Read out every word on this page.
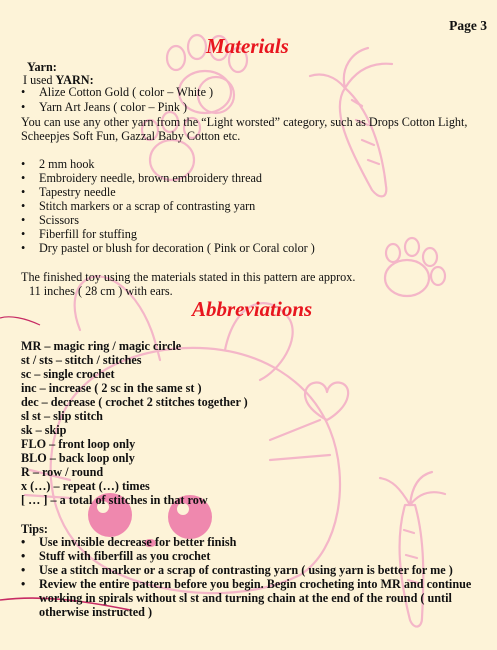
Page 3
Materials
Yarn:
I used YARN:
• Alize Cotton Gold ( color – White )
• Yarn Art Jeans ( color – Pink )
You can use any other yarn from the “Light worsted” category, such as Drops Cotton Light,
Scheepjes Soft Fun, Gazzal Baby Cotton etc.
• 2 mm hook
• Embroidery needle, brown embroidery thread
• Tapestry needle
• Stitch markers or a scrap of contrasting yarn
• Scissors
• Fiberfill for stuffing
• Dry pastel or blush for decoration ( Pink or Coral color )
The finished toy using the materials stated in this pattern are approx.
11 inches ( 28 cm ) with ears.
Abbreviations
MR – magic ring / magic circle
st / sts – stitch / stitches
sc – single crochet
inc – increase ( 2 sc in the same st )
dec – decrease ( crochet 2 stitches together )
sl st – slip stitch
sk – skip
FLO – front loop only
BLO – back loop only
R – row / round
x (…) – repeat (…) times
[ … ] – a total of stitches in that row
Tips:
• Use invisible decrease for better finish
• Stuff with fiberfill as you crochet
• Use a stitch marker or a scrap of contrasting yarn ( using yarn is better for me )
• Review the entire pattern before you begin. Begin crocheting into MR and continue
working in spirals without sl st and turning chain at the end of the round ( until
otherwise instructed )
